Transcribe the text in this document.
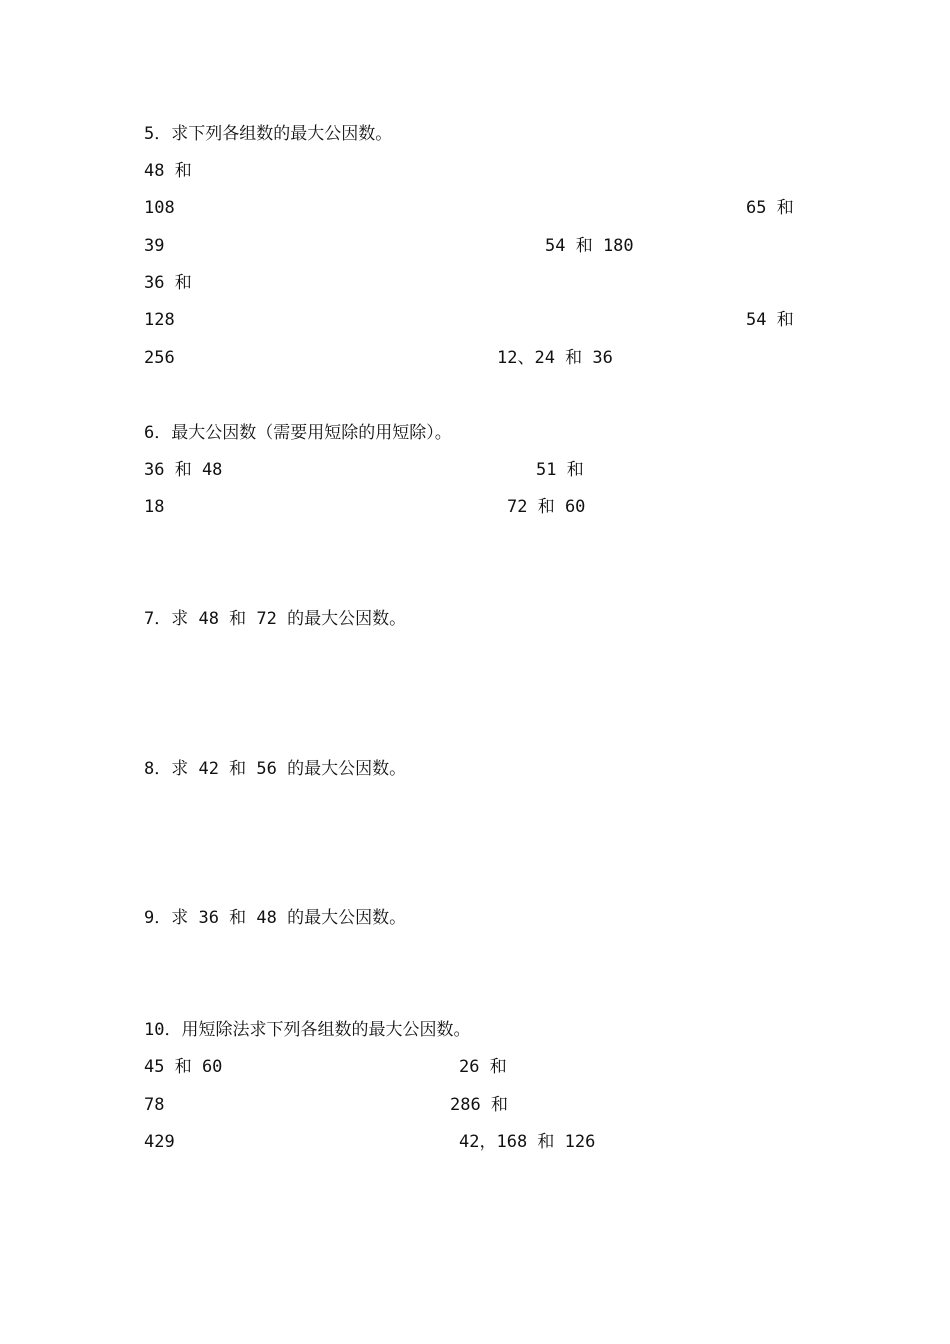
5．求下列各组数的最大公因数。
48 和
108	65 和
39	54 和 180
36 和
128	54 和
256	12、24 和 36
6．最大公因数（需要用短除的用短除）。
36 和 48	51 和
18	72 和 60
7．求 48 和 72 的最大公因数。
8．求 42 和 56 的最大公因数。
9．求 36 和 48 的最大公因数。
10．用短除法求下列各组数的最大公因数。
45 和 60	26 和
78	286 和
429	42，168 和 126
